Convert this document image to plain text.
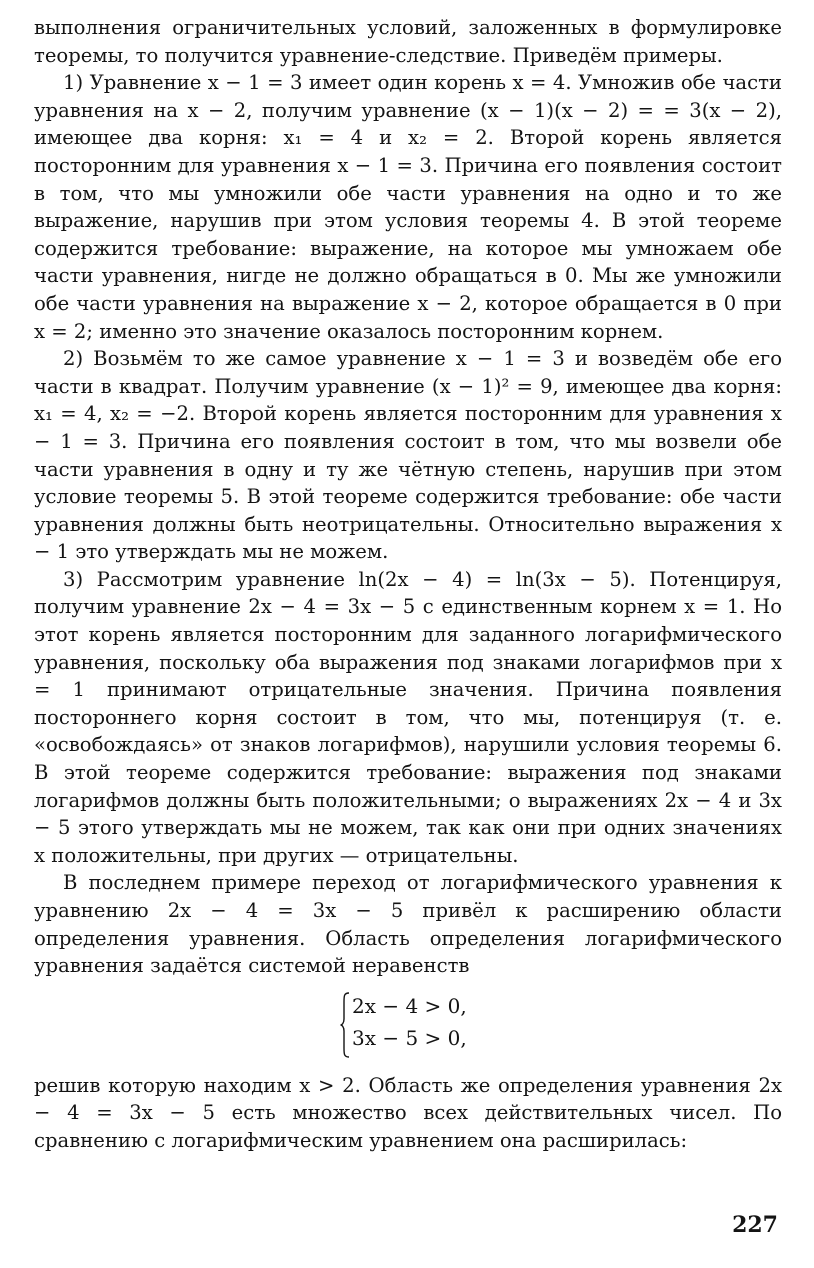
выполнения ограничительных условий, заложенных в формулировке теоремы, то получится уравнение-следствие. Приведём примеры.

1) Уравнение x − 1 = 3 имеет один корень x = 4. Умножив обе части уравнения на x − 2, получим уравнение (x − 1)(x − 2) = = 3(x − 2), имеющее два корня: x₁ = 4 и x₂ = 2. Второй корень является посторонним для уравнения x − 1 = 3. Причина его появления состоит в том, что мы умножили обе части уравнения на одно и то же выражение, нарушив при этом условия теоремы 4. В этой теореме содержится требование: выражение, на которое мы умножаем обе части уравнения, нигде не должно обращаться в 0. Мы же умножили обе части уравнения на выражение x − 2, которое обращается в 0 при x = 2; именно это значение оказалось посторонним корнем.

2) Возьмём то же самое уравнение x − 1 = 3 и возведём обе его части в квадрат. Получим уравнение (x − 1)² = 9, имеющее два корня: x₁ = 4, x₂ = −2. Второй корень является посторонним для уравнения x − 1 = 3. Причина его появления состоит в том, что мы возвели обе части уравнения в одну и ту же чётную степень, нарушив при этом условие теоремы 5. В этой теореме содержится требование: обе части уравнения должны быть неотрицательны. Относительно выражения x − 1 это утверждать мы не можем.

3) Рассмотрим уравнение ln(2x − 4) = ln(3x − 5). Потенцируя, получим уравнение 2x − 4 = 3x − 5 с единственным корнем x = 1. Но этот корень является посторонним для заданного логарифмического уравнения, поскольку оба выражения под знаками логарифмов при x = 1 принимают отрицательные значения. Причина появления постороннего корня состоит в том, что мы, потенцируя (т. е. «освобождаясь» от знаков логарифмов), нарушили условия теоремы 6. В этой теореме содержится требование: выражения под знаками логарифмов должны быть положительными; о выражениях 2x − 4 и 3x − 5 этого утверждать мы не можем, так как они при одних значениях x положительны, при других — отрицательны.

В последнем примере переход от логарифмического уравнения к уравнению 2x − 4 = 3x − 5 привёл к расширению области определения уравнения. Область определения логарифмического уравнения задаётся системой неравенств

2x − 4 > 0,
3x − 5 > 0,

решив которую находим x > 2. Область же определения уравнения 2x − 4 = 3x − 5 есть множество всех действительных чисел. По сравнению с логарифмическим уравнением она расширилась:

227
